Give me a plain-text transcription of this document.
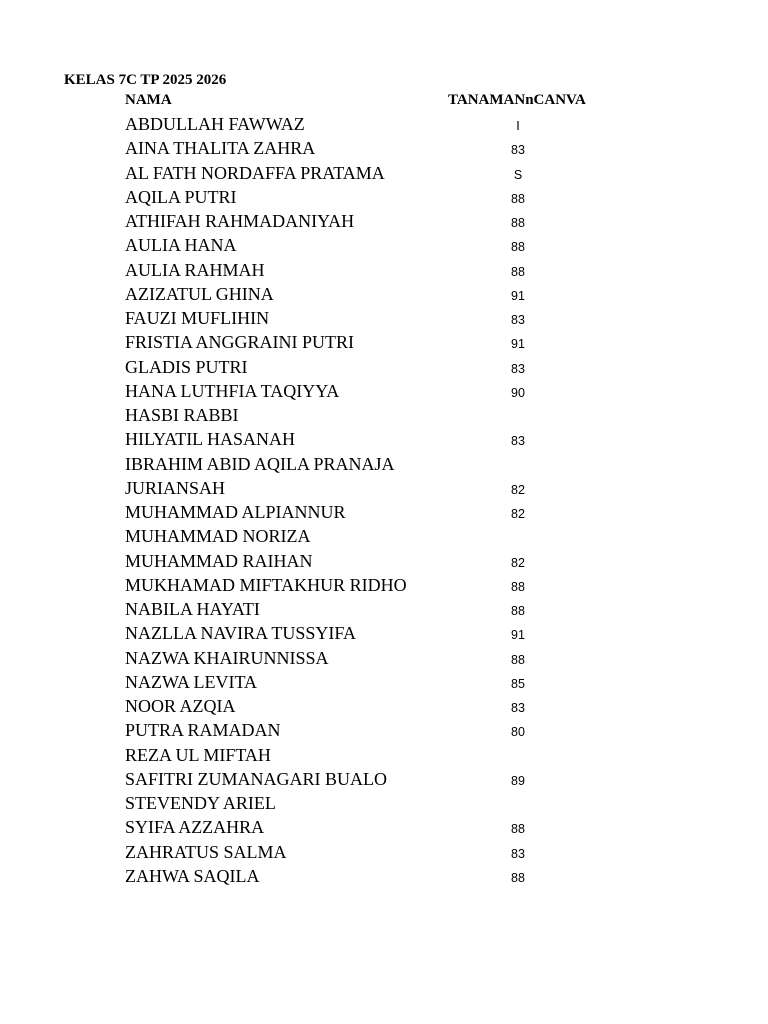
KELAS 7C TP 2025 2026
NAMA	TANAMANnCANVA
ABDULLAH FAWWAZ	I
AINA THALITA ZAHRA	83
AL FATH NORDAFFA PRATAMA	S
AQILA PUTRI	88
ATHIFAH RAHMADANIYAH	88
AULIA HANA	88
AULIA RAHMAH	88
AZIZATUL GHINA	91
FAUZI MUFLIHIN	83
FRISTIA ANGGRAINI PUTRI	91
GLADIS PUTRI	83
HANA LUTHFIA TAQIYYA	90
HASBI RABBI
HILYATIL HASANAH	83
IBRAHIM ABID AQILA PRANAJA
JURIANSAH	82
MUHAMMAD ALPIANNUR	82
MUHAMMAD NORIZA
MUHAMMAD RAIHAN	82
MUKHAMAD MIFTAKHUR RIDHO	88
NABILA HAYATI	88
NAZLLA NAVIRA TUSSYIFA	91
NAZWA KHAIRUNNISSA	88
NAZWA LEVITA	85
NOOR AZQIA	83
PUTRA RAMADAN	80
REZA UL MIFTAH
SAFITRI ZUMANAGARI BUALO	89
STEVENDY ARIEL
SYIFA AZZAHRA	88
ZAHRATUS SALMA	83
ZAHWA SAQILA	88
